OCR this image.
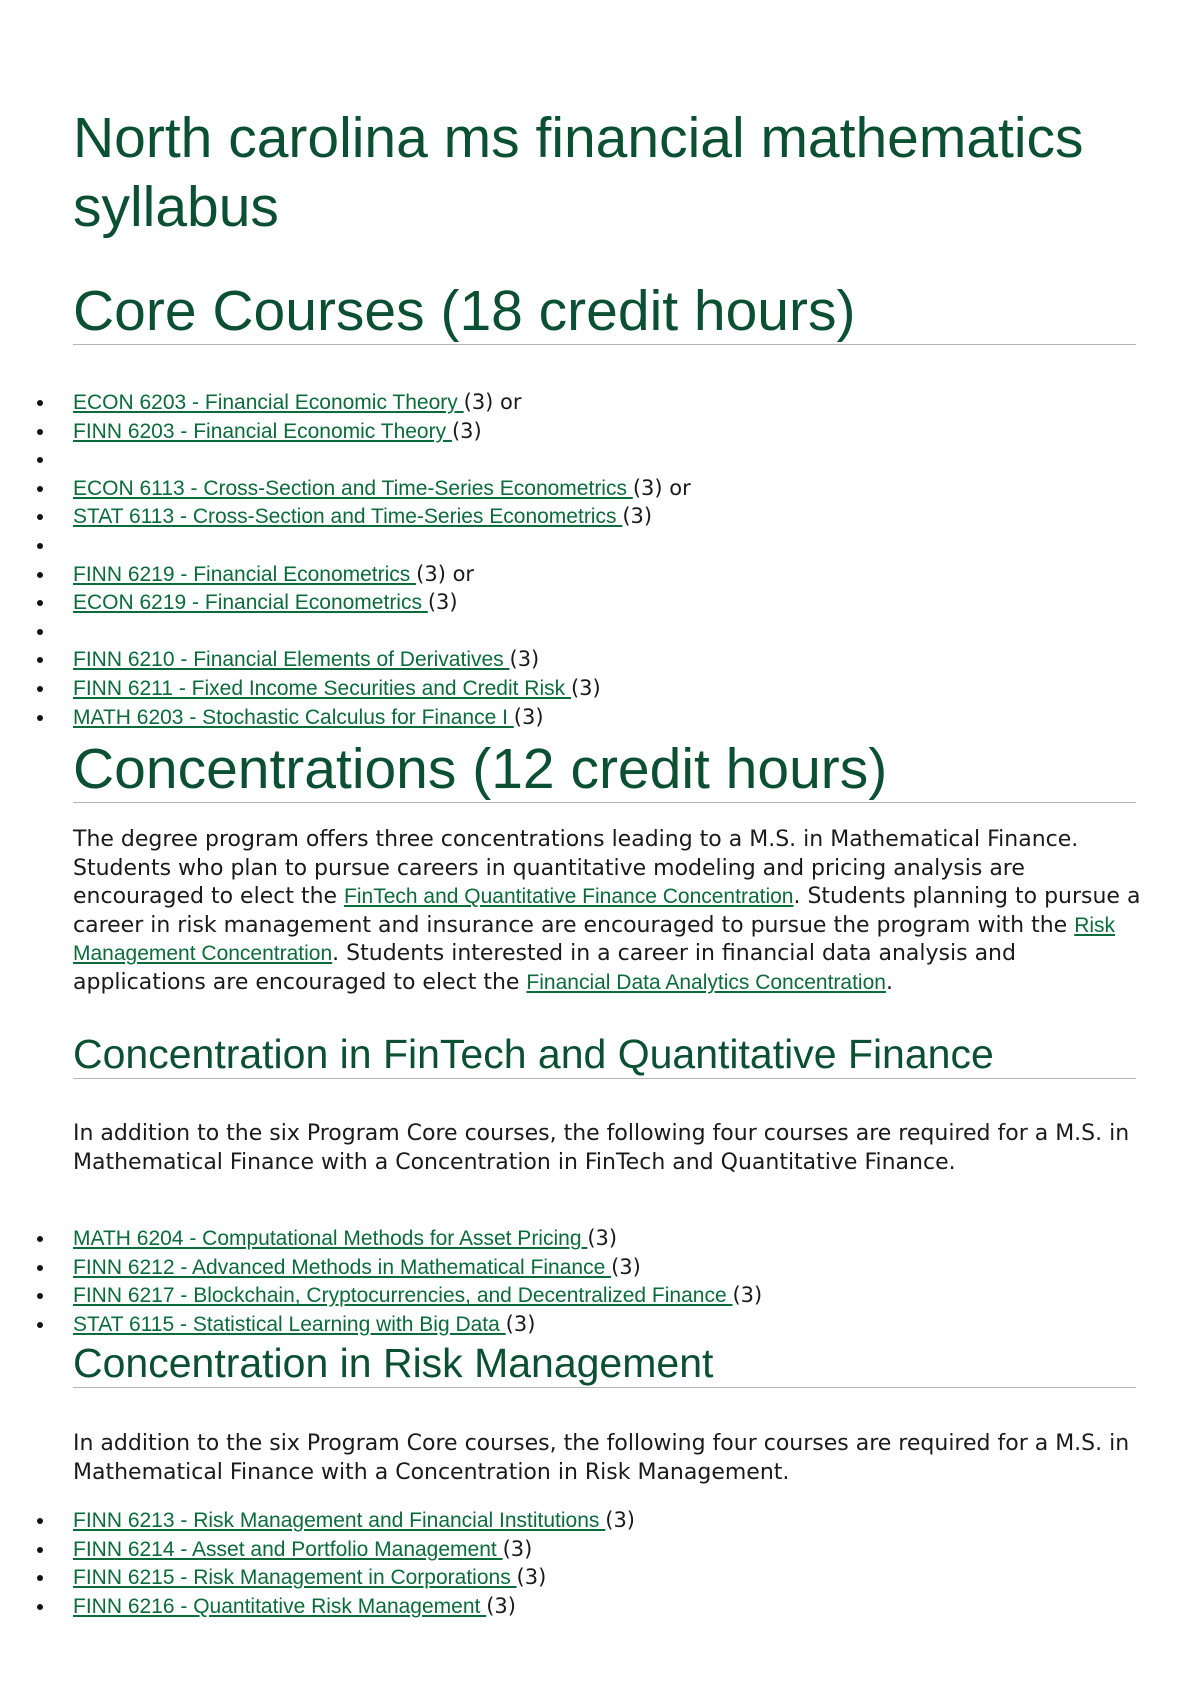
North carolina ms financial mathematics syllabus
Core Courses (18 credit hours)
ECON 6203 - Financial Economic Theory (3) or
FINN 6203 - Financial Economic Theory (3)
ECON 6113 - Cross-Section and Time-Series Econometrics (3) or
STAT 6113 - Cross-Section and Time-Series Econometrics (3)
FINN 6219 - Financial Econometrics (3) or
ECON 6219 - Financial Econometrics (3)
FINN 6210 - Financial Elements of Derivatives (3)
FINN 6211 - Fixed Income Securities and Credit Risk (3)
MATH 6203 - Stochastic Calculus for Finance I (3)
Concentrations (12 credit hours)

The degree program offers three concentrations leading to a M.S. in Mathematical Finance. Students who plan to pursue careers in quantitative modeling and pricing analysis are encouraged to elect the FinTech and Quantitative Finance Concentration. Students planning to pursue a career in risk management and insurance are encouraged to pursue the program with the Risk Management Concentration. Students interested in a career in financial data analysis and applications are encouraged to elect the Financial Data Analytics Concentration.

Concentration in FinTech and Quantitative Finance

In addition to the six Program Core courses, the following four courses are required for a M.S. in Mathematical Finance with a Concentration in FinTech and Quantitative Finance.

MATH 6204 - Computational Methods for Asset Pricing (3)
FINN 6212 - Advanced Methods in Mathematical Finance (3)
FINN 6217 - Blockchain, Cryptocurrencies, and Decentralized Finance (3)
STAT 6115 - Statistical Learning with Big Data (3)
Concentration in Risk Management

In addition to the six Program Core courses, the following four courses are required for a M.S. in Mathematical Finance with a Concentration in Risk Management.

FINN 6213 - Risk Management and Financial Institutions (3)
FINN 6214 - Asset and Portfolio Management (3)
FINN 6215 - Risk Management in Corporations (3)
FINN 6216 - Quantitative Risk Management (3)
